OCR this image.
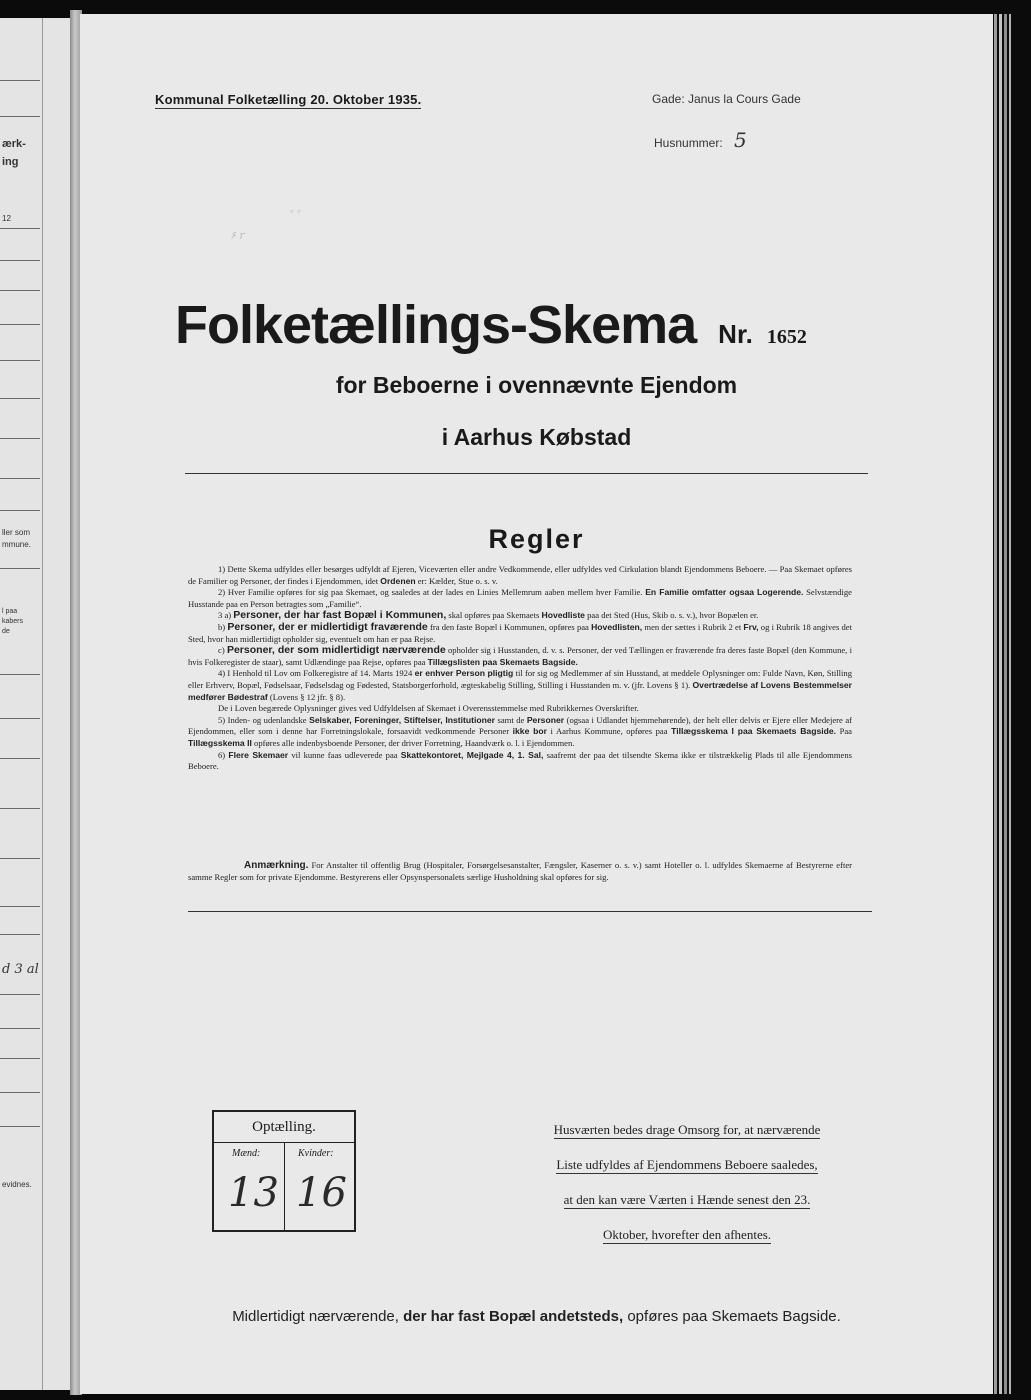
ærk-
ing
12
ller som
mmune.
l paa
kabers
de
d 3 al
evidnes.
۶ r
⸗ ⸗
Kommunal Folketælling 20. Oktober 1935.	Gade: Janus la Cours Gade
Husnummer: 5
Folketællings-Skema Nr. 1652
for Beboerne i ovennævnte Ejendom
i Aarhus Købstad
Regler

1) Dette Skema udfyldes eller besørges udfyldt af Ejeren, Viceværten eller andre Vedkommende, eller udfyldes ved Cirkulation blandt Ejendommens Beboere. — Paa Skemaet opføres de Familier og Personer, der findes i Ejendommen, idet Ordenen er: Kælder, Stue o. s. v.

2) Hver Familie opføres for sig paa Skemaet, og saaledes at der lades en Linies Mellemrum aaben mellem hver Familie. En Familie omfatter ogsaa Logerende. Selvstændige Husstande paa en Person betragtes som „Familie“.

3 a) Personer, der har fast Bopæl i Kommunen, skal opføres paa Skemaets Hovedliste paa det Sted (Hus, Skib o. s. v.), hvor Bopælen er.

b) Personer, der er midlertidigt fraværende fra den faste Bopæl i Kommunen, opføres paa Hovedlisten, men der sættes i Rubrik 2 et Frv, og i Rubrik 18 angives det Sted, hvor han midlertidigt opholder sig, eventuelt om han er paa Rejse.

c) Personer, der som midlertidigt nærværende opholder sig i Husstanden, d. v. s. Personer, der ved Tællingen er fraværende fra deres faste Bopæl (den Kommune, i hvis Folkeregister de staar), samt Udlændinge paa Rejse, opføres paa Tillægslisten paa Skemaets Bagside.

4) I Henhold til Lov om Folkeregistre af 14. Marts 1924 er enhver Person pligtig til for sig og Medlemmer af sin Husstand, at meddele Oplysninger om: Fulde Navn, Køn, Stilling eller Erhverv, Bopæl, Fødselsaar, Fødselsdag og Fødested, Statsborgerforhold, ægteskabelig Stilling, Stilling i Husstanden m. v. (jfr. Lovens § 1). Overtrædelse af Lovens Bestemmelser medfører Bødestraf (Lovens § 12 jfr. § 8).

De i Loven begærede Oplysninger gives ved Udfyldelsen af Skemaet i Overensstemmelse med Rubrikkernes Overskrifter.

5) Inden- og udenlandske Selskaber, Foreninger, Stiftelser, Institutioner samt de Personer (ogsaa i Udlandet hjemmehørende), der helt eller delvis er Ejere eller Medejere af Ejendommen, eller som i denne har Forretningslokale, forsaavidt vedkommende Personer ikke bor i Aarhus Kommune, opføres paa Tillægsskema I paa Skemaets Bagside. Paa Tillægsskema II opføres alle indenbysboende Personer, der driver Forretning, Haandværk o. l. i Ejendommen.

6) Flere Skemaer vil kunne faas udleverede paa Skattekontoret, Mejlgade 4, 1. Sal, saafremt der paa det tilsendte Skema ikke er tilstrækkelig Plads til alle Ejendommens Beboere.

Anmærkning. For Anstalter til offentlig Brug (Hospitaler, Forsørgelsesanstalter, Fængsler, Kaserner o. s. v.) samt Hoteller o. l. udfyldes Skemaerne af Bestyrerne efter samme Regler som for private Ejendomme. Bestyrerens eller Opsynspersonalets særlige Husholdning skal opføres for sig.

Optælling.
Mænd:	Kvinder:
13 16
Husværten bedes drage Omsorg for, at nærværende
Liste udfyldes af Ejendommens Beboere saaledes,
at den kan være Værten i Hænde senest den 23.
Oktober, hvorefter den afhentes.
Midlertidigt nærværende, der har fast Bopæl andetsteds, opføres paa Skemaets Bagside.
